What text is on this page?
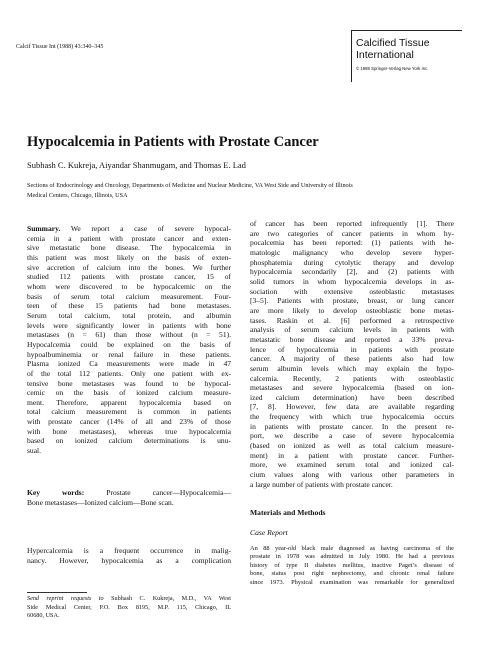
Calcif Tissue Int (1988) 43:340–345	Calcified Tissue
International
© 1988 Springer-Verlag New York Inc.
Hypocalcemia in Patients with Prostate Cancer
Subhash C. Kukreja, Aiyandar Shanmugam, and Thomas E. Lad
Sections of Endocrinology and Oncology, Departments of Medicine and Nuclear Medicine, VA West Side and University of Illinois
Medical Centers, Chicago, Illinois, USA
Summary. We report a case of severe hypocal-
cemia in a patient with prostate cancer and exten-
sive metastatic bone disease. The hypocalcemia in
this patient was most likely on the basis of exten-
sive accretion of calcium into the bones. We further
studied 112 patients with prostate cancer, 15 of
whom were discovered to be hypocalcemic on the
basis of serum total calcium measurement. Four-
teen of these 15 patients had bone metastases.
Serum total calcium, total protein, and albumin
levels were significantly lower in patients with bone
metastases (n = 61) than those without (n = 51).
Hypocalcemia could be explained on the basis of
hypoalbuminemia or renal failure in these patients.
Plasma ionized Ca measurements were made in 47
of the total 112 patients. Only one patient with ex-
tensive bone metastases was found to be hypocal-
cemic on the basis of ionized calcium measure-
ment. Therefore, apparent hypocalcemia based on
total calcium measurement is common in patients
with prostate cancer (14% of all and 23% of those
with bone metastases), whereas true hypocalcemia
based on ionized calcium determinations is unu-
sual.
Key words:	Prostate cancer—Hypocalcemia—
Bone metastases—Ionized calcium—Bone scan.
Hypercalcemia is a frequent occurrence in malig-
nancy. However, hypocalcemia as a complication
Send reprint requests to Subhash C. Kukreja, M.D., VA West
Side Medical Center, P.O. Box 8195, M.P. 115, Chicago, IL
60680, USA.
of cancer has been reported infrequently [1]. There
are two categories of cancer patients in whom hy-
pocalcemia has been reported: (1) patients with he-
matologic malignancy who develop severe hyper-
phosphatemia during cytolytic therapy and develop
hypocalcemia secondarily [2], and (2) patients with
solid tumors in whom hypocalcemia develops in as-
sociation with extensive osteoblastic metastases
[3–5]. Patients with prostate, breast, or lung cancer
are more likely to develop osteoblastic bone metas-
tases. Raskin et al. [6] performed a retrospective
analysis of serum calcium levels in patients with
metastatic bone disease and reported a 33% preva-
lence of hypocalcemia in patients with prostate
cancer. A majority of these patients also had low
serum albumin levels which may explain the hypo-
calcemia. Recently, 2 patients with osteoblastic
metastases and severe hypocalcemia (based on ion-
ized calcium determination) have been described
[7, 8]. However, few data are available regarding
the frequency with which true hypocalcemia occurs
in patients with prostate cancer. In the present re-
port, we describe a case of severe hypocalcemia
(based on ionized as well as total calcium measure-
ment) in a patient with prostate cancer. Further-
more, we examined serum total and ionized cal-
cium values along with various other parameters in
a large number of patients with prostate cancer.
Materials and Methods
Case Report
An 88 year-old black male diagnosed as having carcinoma of the
prostate in 1978 was admitted in July 1980. He had a previous
history of type II diabetes mellitus, inactive Paget’s disease of
bone, status post right nephrectomy, and chronic renal failure
since 1973. Physical examination was remarkable for generalized
